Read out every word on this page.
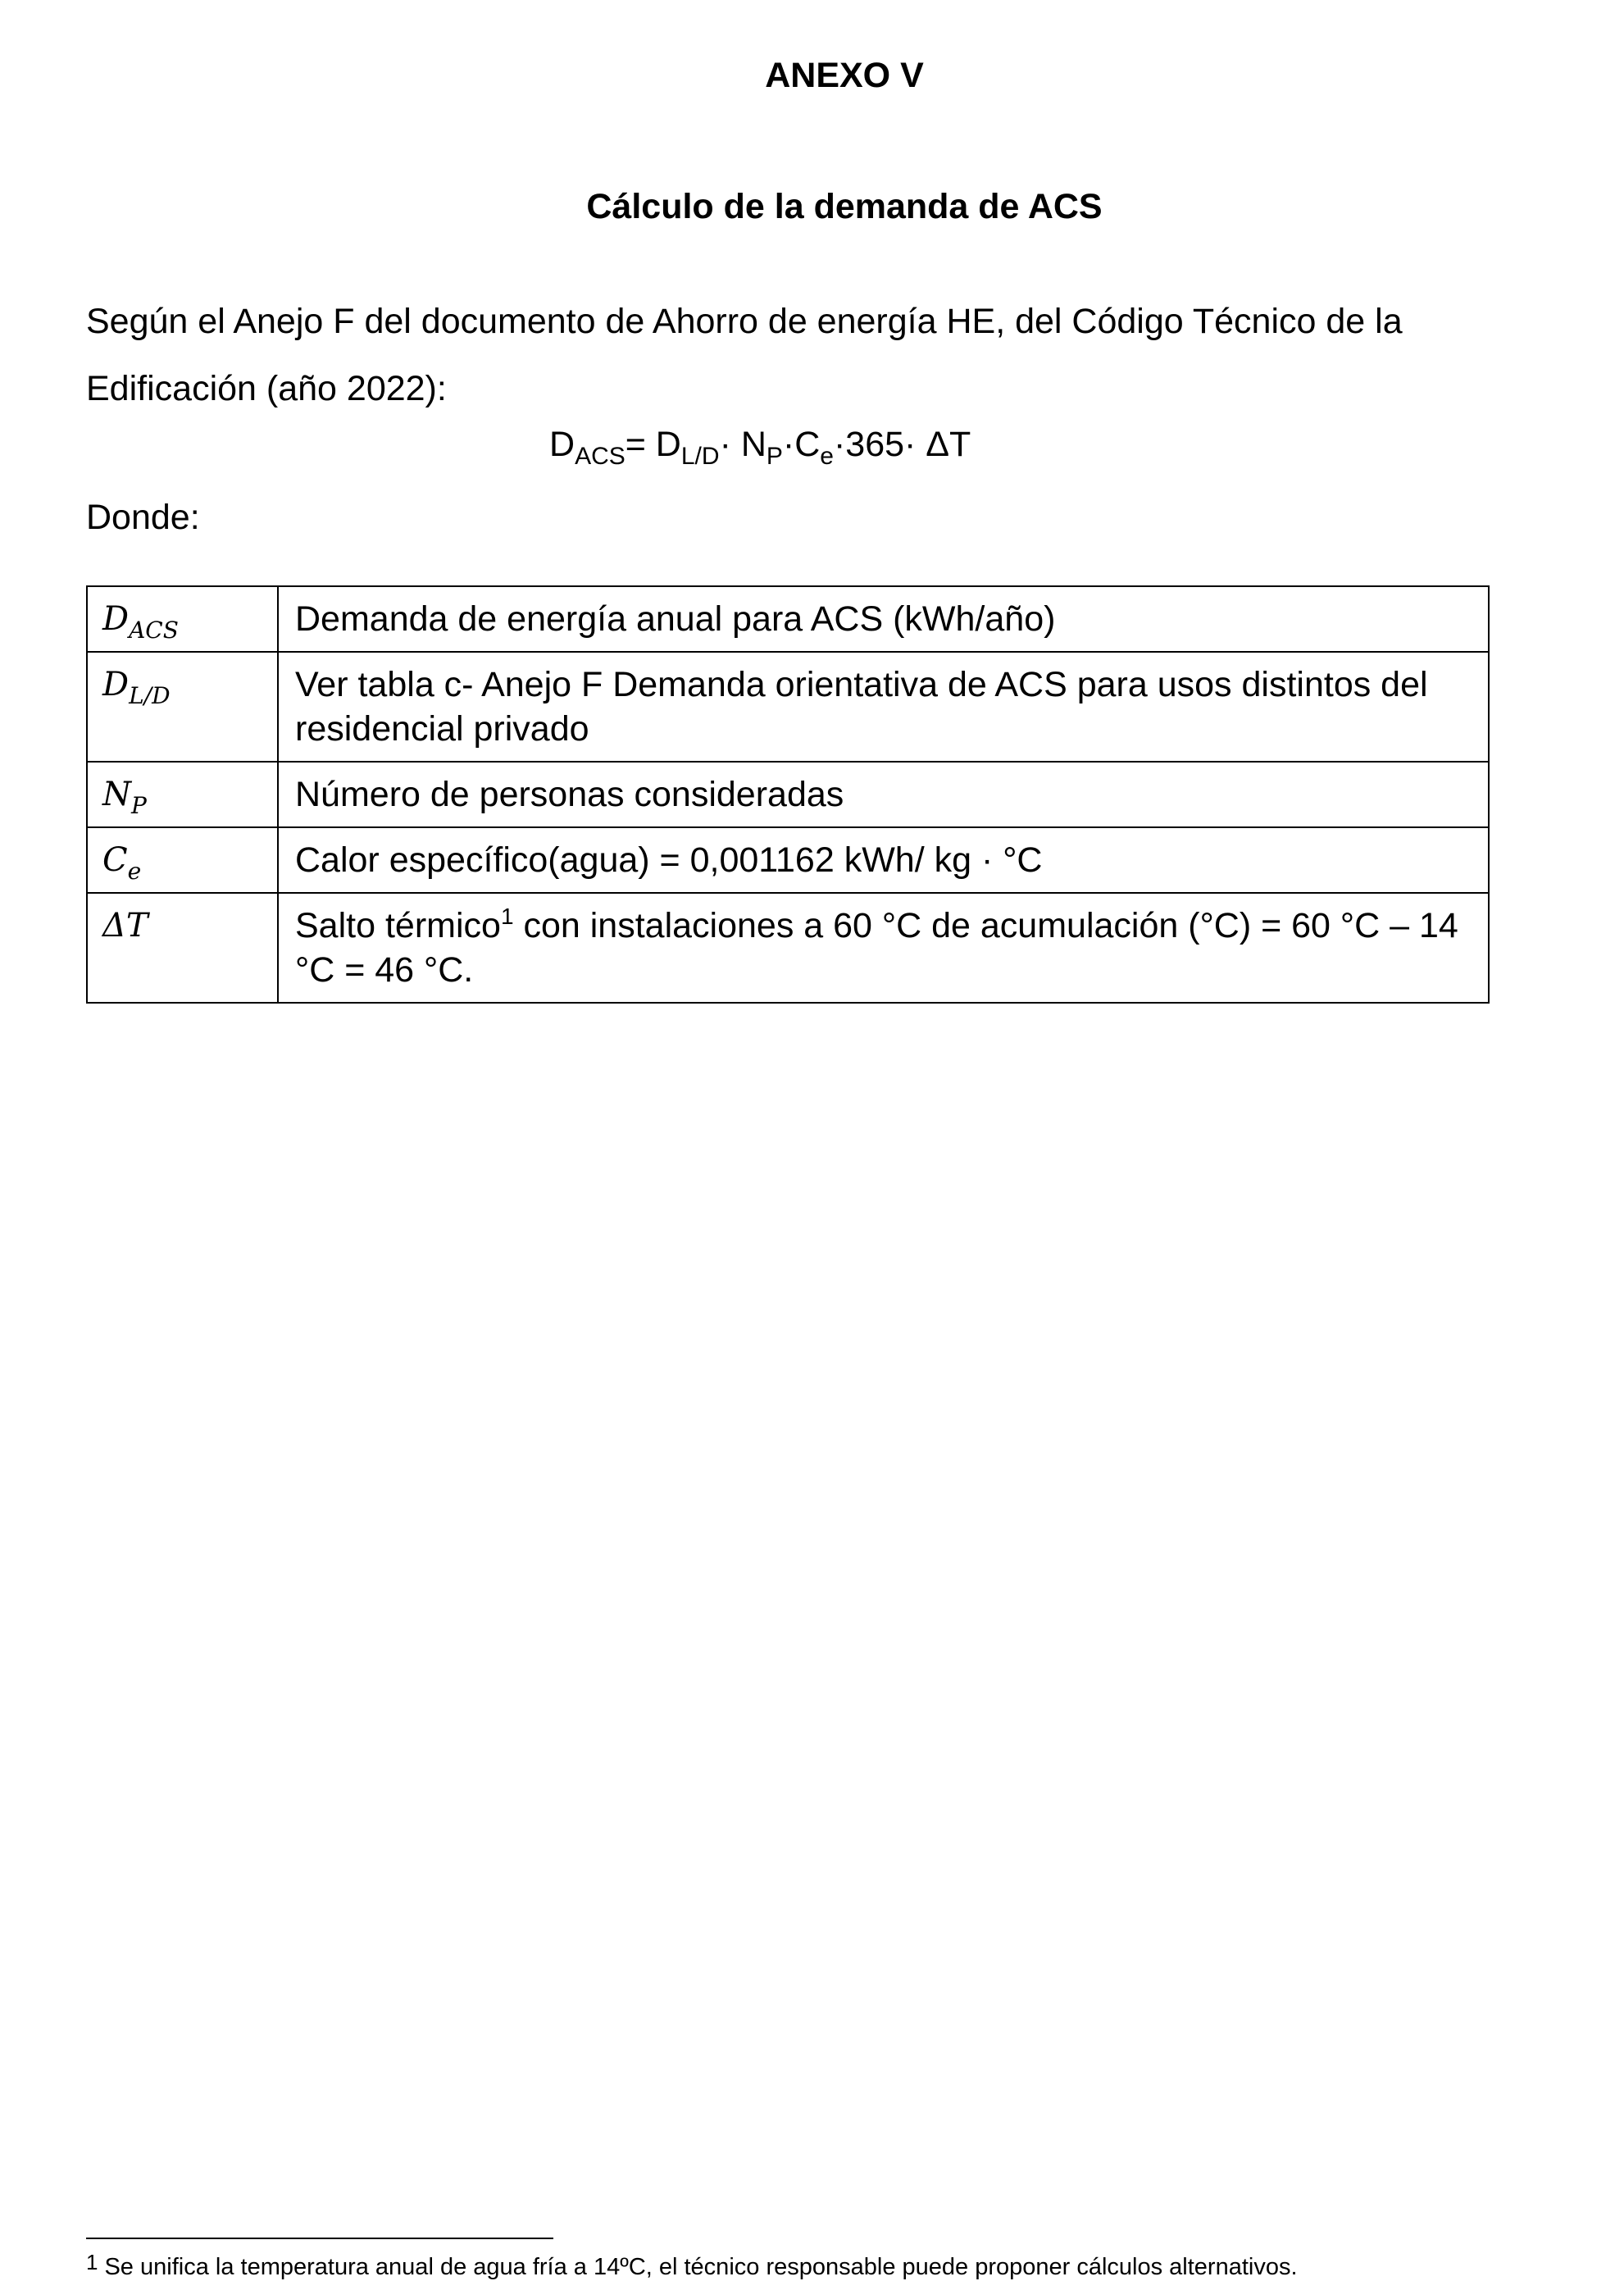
ANEXO V
Cálculo de la demanda de ACS
Según el Anejo F del documento de Ahorro de energía HE, del Código Técnico de la Edificación (año 2022):
$D_{ACS}= D_{L/D}\cdot N_P\cdot C_e\cdot 365\cdot \Delta T$
Donde:
$D_{ACS}$	Demanda de energía anual para ACS (kWh/año)
$D_{L/D}$	Ver tabla c- Anejo F Demanda orientativa de ACS para usos distintos del residencial privado
$N_P$	Número de personas consideradas
$C_e$	Calor específico(agua) = 0,001162 kWh/ kg · °C
ΔT	Salto térmico$^1$ con instalaciones a 60 °C de acumulación (°C) = 60 °C – 14 °C = 46 °C.
$^1$ Se unifica la temperatura anual de agua fría a 14ºC, el técnico responsable puede proponer cálculos alternativos.
